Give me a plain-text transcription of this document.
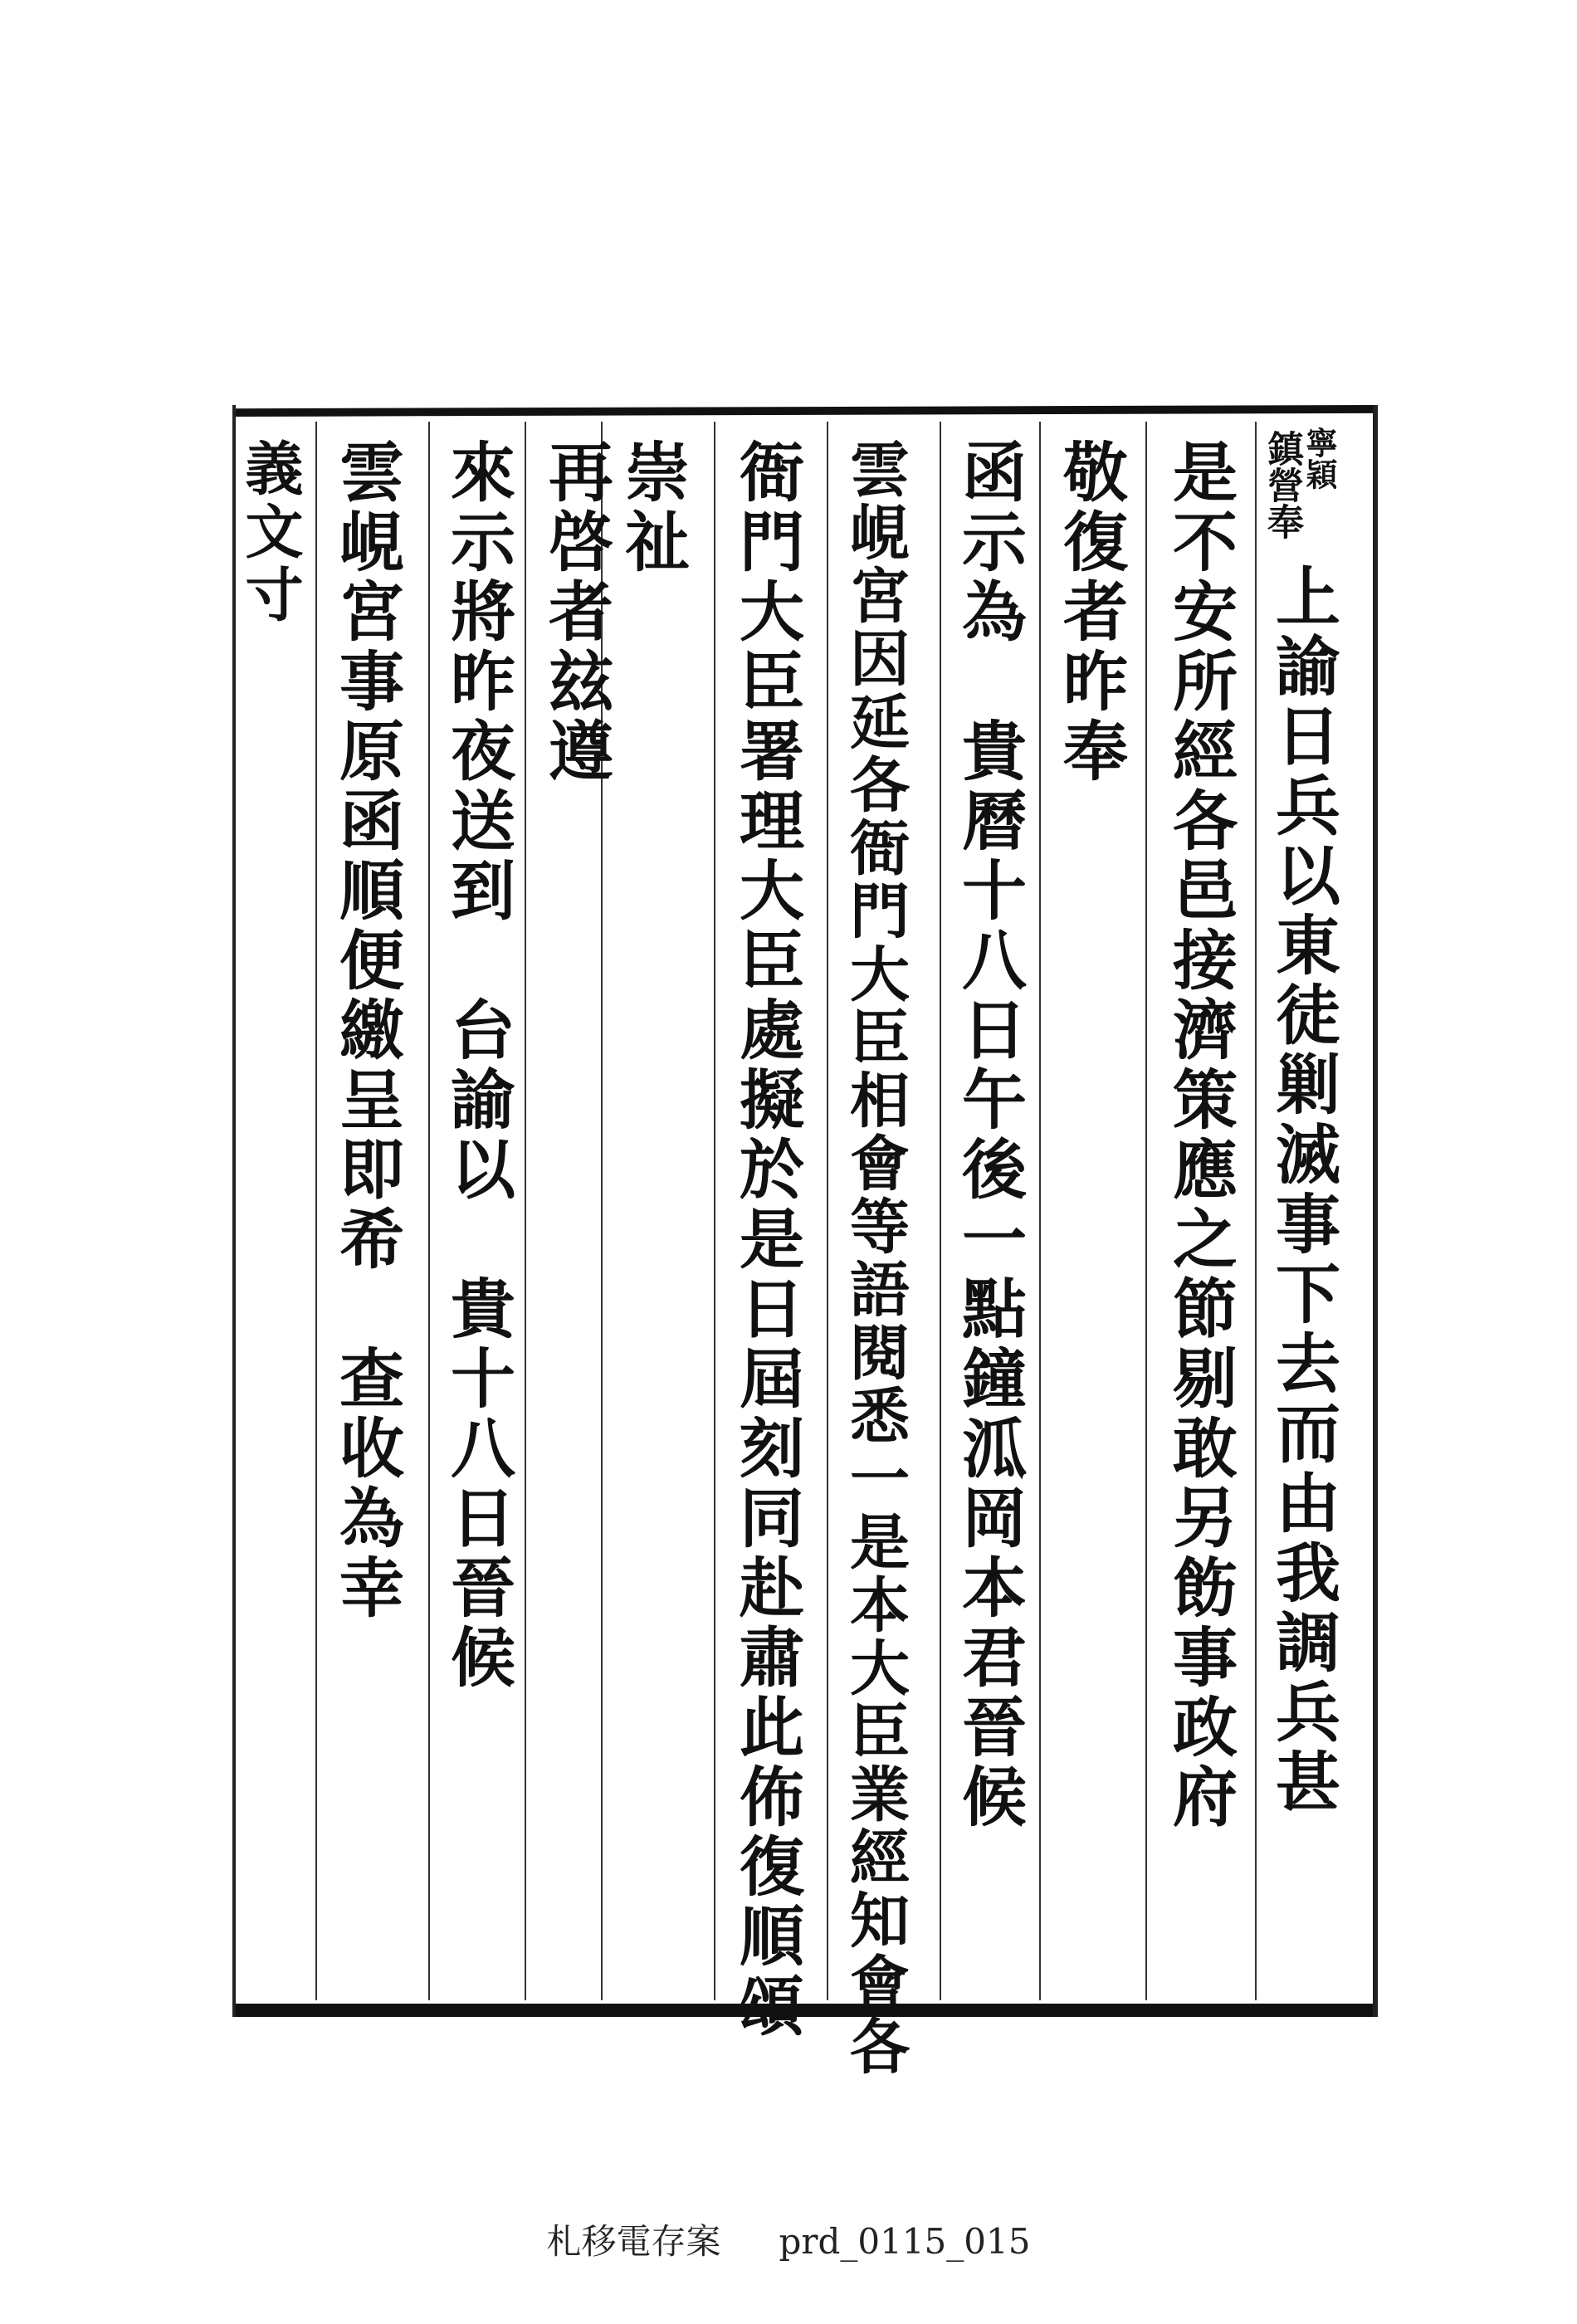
寧穎
鎮營奉
上諭日兵以東徒剿滅事下去而由我調兵甚
是不安所經各邑接濟策應之節剔敢另飭事政府
敬復者昨奉
函示為　貴曆十八日午後一點鐘泒岡本君晉候
雲峴宮因延各衙門大臣相會等語閱悉一是本大臣業經知會各
衙門大臣署理大臣處擬於是日屆刻同赴肅此佈復順頌
崇祉
再啓者玆遵
來示將昨夜送到　台諭以　貴十八日晉候
雲峴宮事原函順便繳呈即希　查收為幸
義文寸
札移電存案 prd_0115_015
